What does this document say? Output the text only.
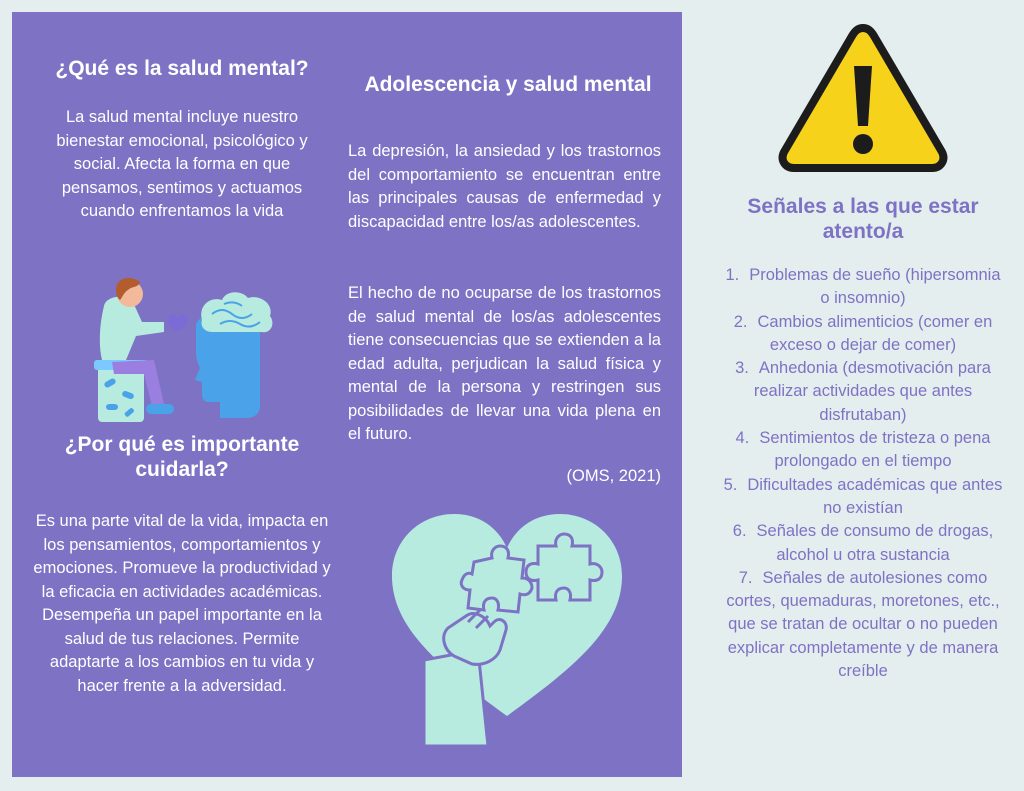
¿Qué es la salud mental?

La salud mental incluye nuestro bienestar emocional, psicológico y social. Afecta la forma en que pensamos, sentimos y actuamos cuando enfrentamos la vida

¿Por qué es importante cuidarla?

Es una parte vital de la vida, impacta en los pensamientos, comportamientos y emociones. Promueve la productividad y la eficacia en actividades académicas. Desempeña un papel importante en la salud de tus relaciones. Permite adaptarte a los cambios en tu vida y hacer frente a la adversidad.

Adolescencia y salud mental

La depresión, la ansiedad y los trastornos del comportamiento se encuentran entre las principales causas de enfermedad y discapacidad entre los/as adolescentes.

El hecho de no ocuparse de los trastornos de salud mental de los/as adolescentes tiene consecuencias que se extienden a la edad adulta, perjudican la salud física y mental de la persona y restringen sus posibilidades de llevar una vida plena en el futuro.

(OMS, 2021)

Señales a las que estar atento/a
1. Problemas de sueño (hipersomnia o insomnio)
2. Cambios alimenticios (comer en exceso o dejar de comer)
3. Anhedonia (desmotivación para realizar actividades que antes disfrutaban)
4. Sentimientos de tristeza o pena prolongado en el tiempo
5. Dificultades académicas que antes no existían
6. Señales de consumo de drogas, alcohol u otra sustancia
7. Señales de autolesiones como cortes, quemaduras, moretones, etc., que se tratan de ocultar o no pueden explicar completamente y de manera creíble
